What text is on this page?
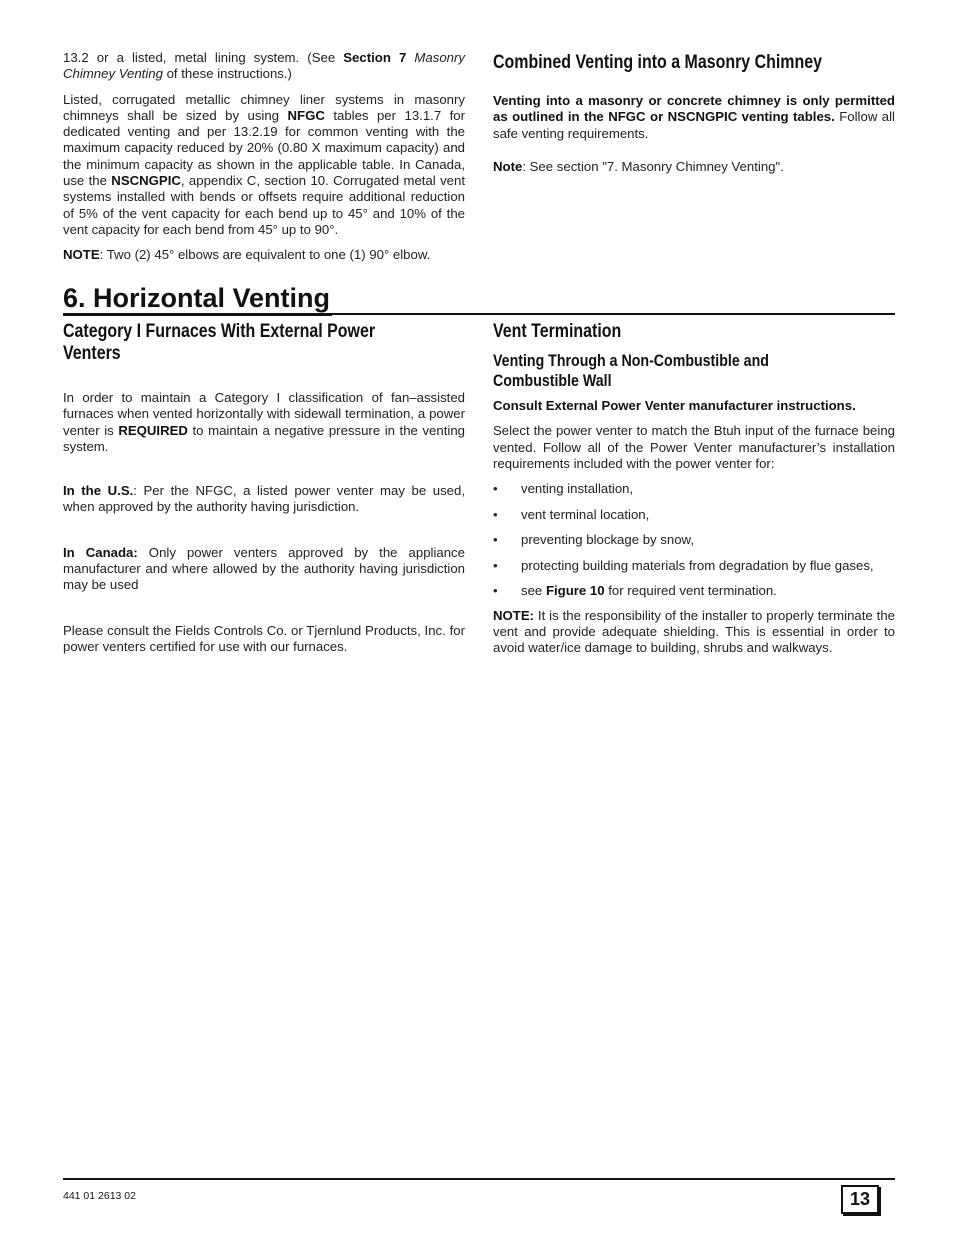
13.2 or a listed, metal lining system. (See Section 7 Masonry Chimney Venting of these instructions.)

Listed, corrugated metallic chimney liner systems in masonry chimneys shall be sized by using NFGC tables per 13.1.7 for dedicated venting and per 13.2.19 for common venting with the maximum capacity reduced by 20% (0.80 X maximum capacity) and the minimum capacity as shown in the applicable table. In Canada, use the NSCNGPIC, appendix C, section 10. Corrugated metal vent systems installed with bends or offsets require additional reduction of 5% of the vent capacity for each bend up to 45° and 10% of the vent capacity for each bend from 45° up to 90°.

NOTE: Two (2) 45° elbows are equivalent to one (1) 90° elbow.

Combined Venting into a Masonry Chimney

Venting into a masonry or concrete chimney is only permitted as outlined in the NFGC or NSCNGPIC venting tables. Follow all safe venting requirements.

Note: See section "7. Masonry Chimney Venting".

6. Horizontal Venting
Category I Furnaces With External Power
Venters

In order to maintain a Category I classification of fan–assisted furnaces when vented horizontally with sidewall termination, a power venter is REQUIRED to maintain a negative pressure in the venting system.

In the U.S.: Per the NFGC, a listed power venter may be used, when approved by the authority having jurisdiction.

In Canada: Only power venters approved by the appliance manufacturer and where allowed by the authority having jurisdiction may be used

Please consult the Fields Controls Co. or Tjernlund Products, Inc. for power venters certified for use with our furnaces.

Vent Termination
Venting Through a Non-Combustible and
Combustible Wall

Consult External Power Venter manufacturer instructions.

Select the power venter to match the Btuh input of the furnace being vented. Follow all of the Power Venter manufacturer’s installation requirements included with the power venter for:

• venting installation,
• vent terminal location,
• preventing blockage by snow,
• protecting building materials from degradation by flue gases,
• see Figure 10 for required vent termination.

NOTE: It is the responsibility of the installer to properly terminate the vent and provide adequate shielding. This is essential in order to avoid water/ice damage to building, shrubs and walkways.

441 01 2613 02	13
